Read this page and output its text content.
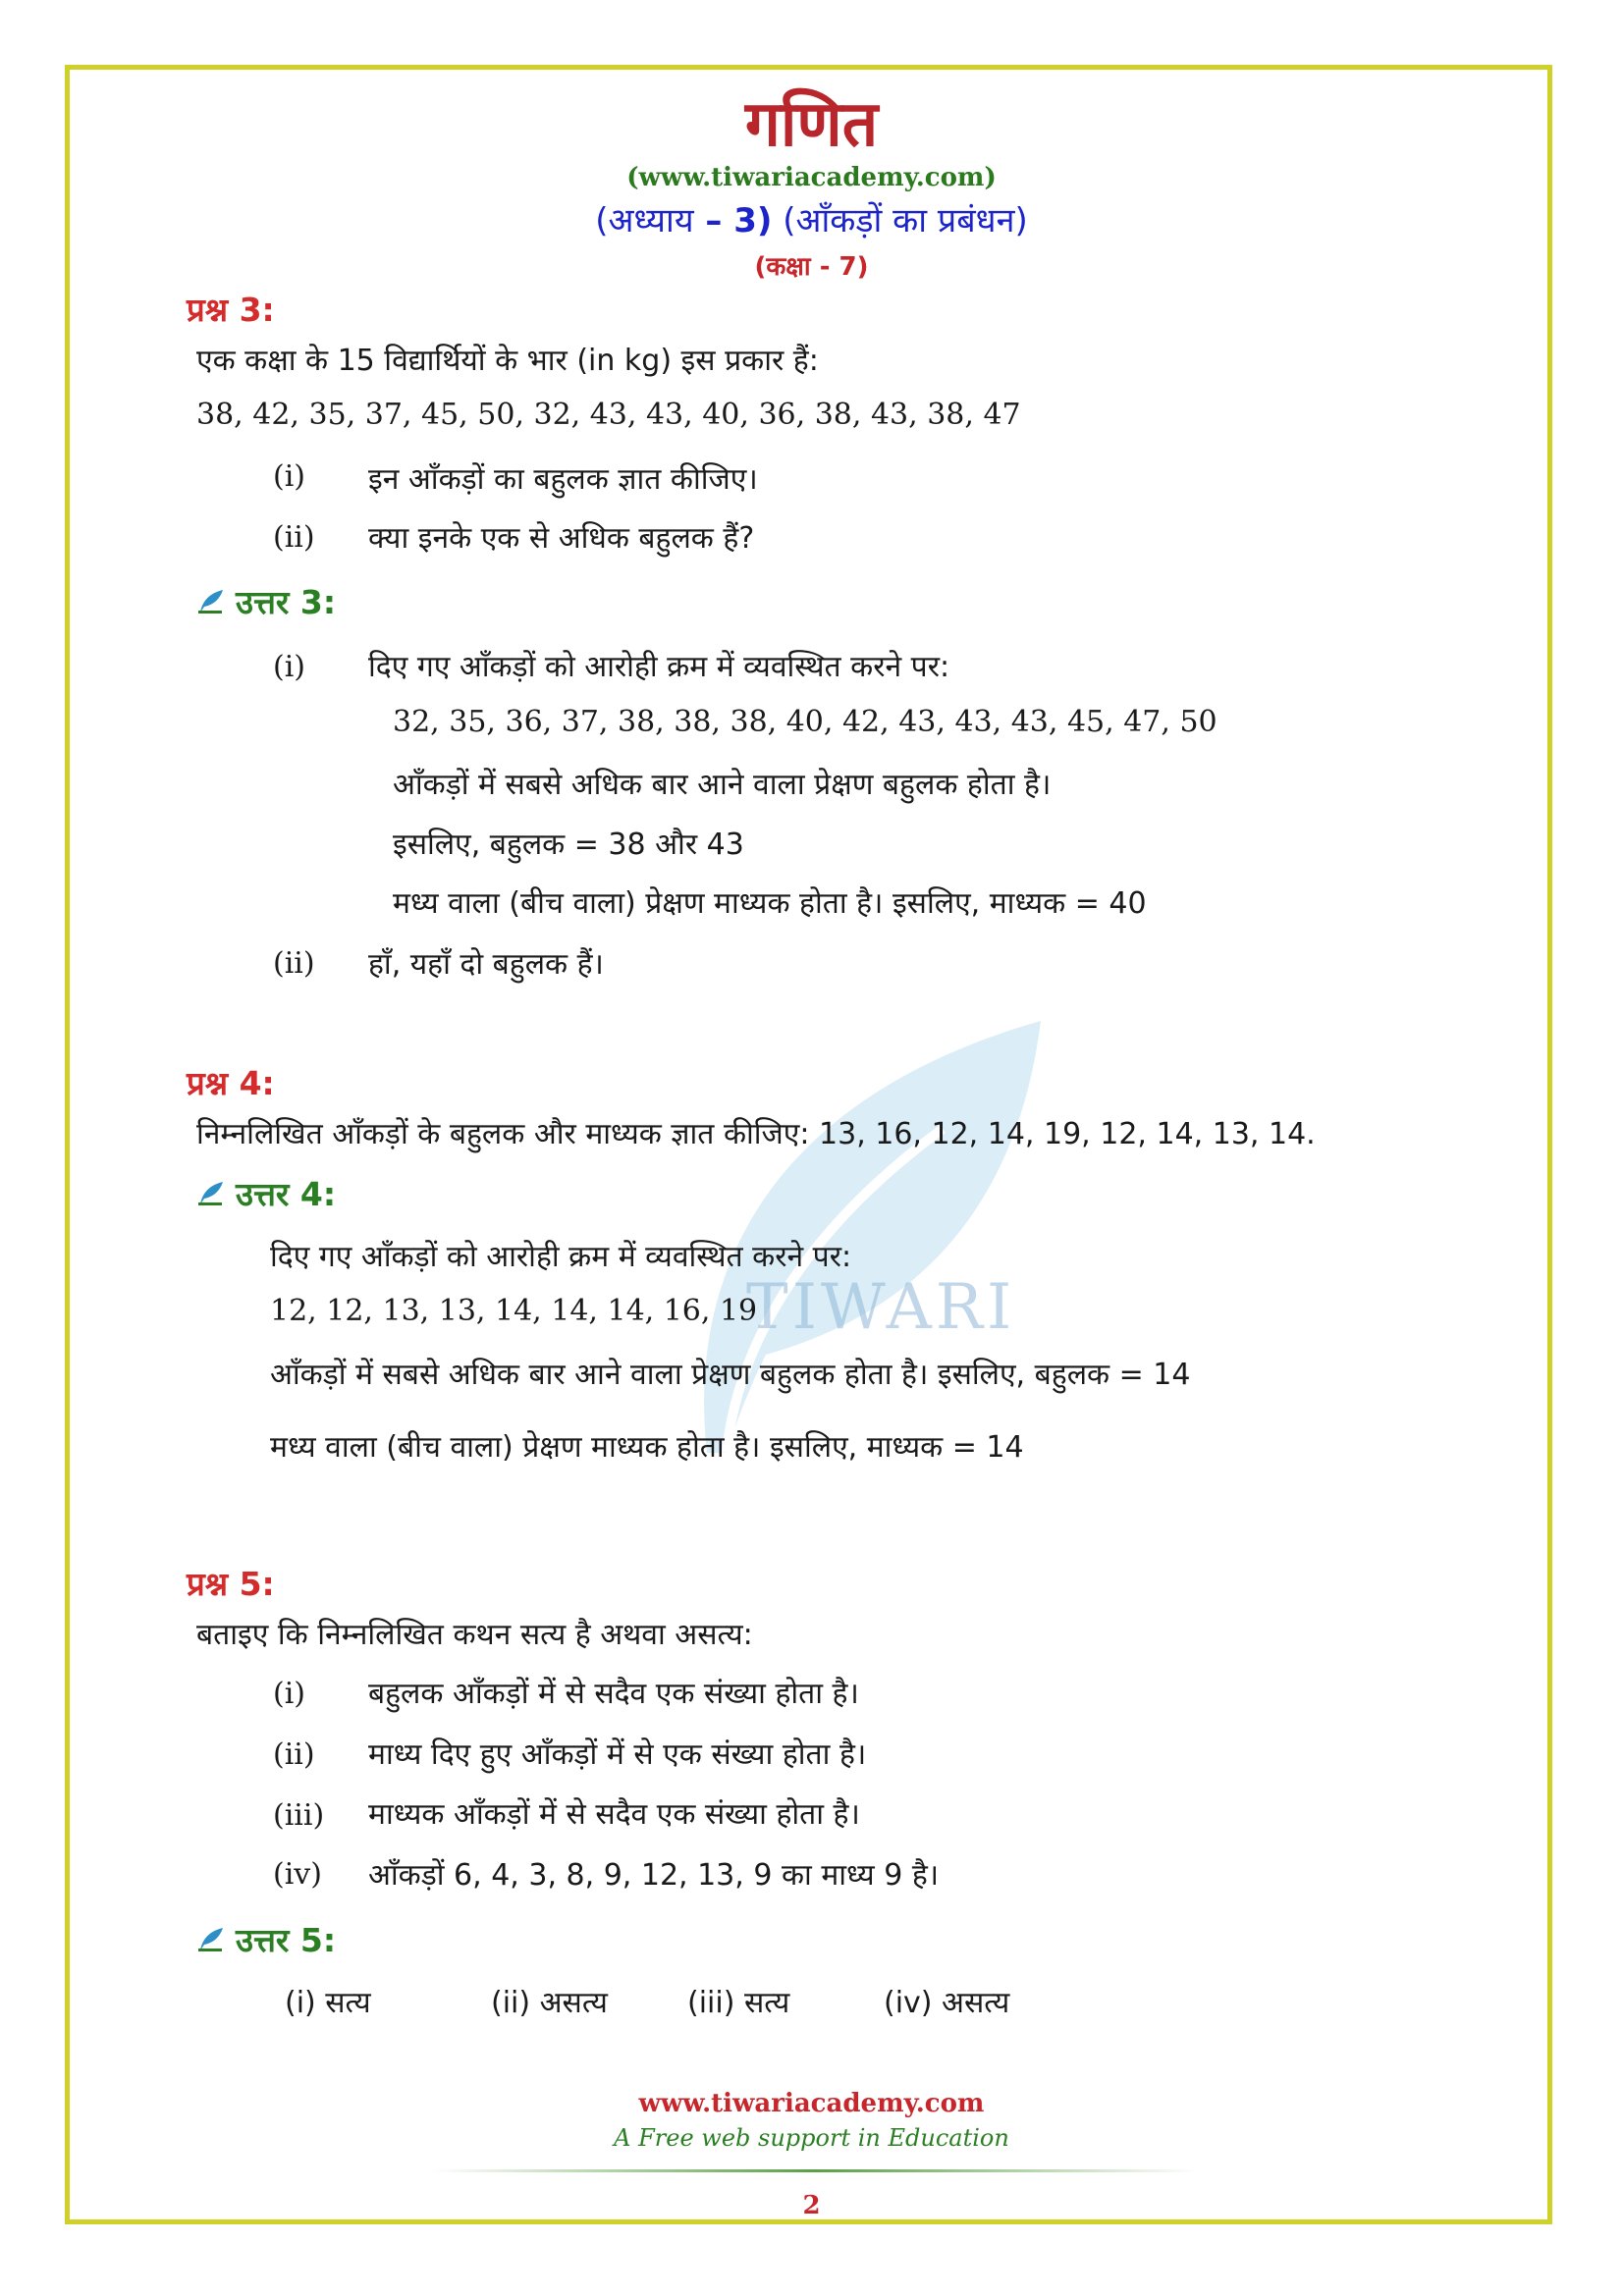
TIWARI
गणित
(www.tiwariacademy.com)
(अध्याय – 3) (आँकड़ों का प्रबंधन)
(कक्षा - 7)
प्रश्न 3:
एक कक्षा के 15 विद्यार्थियों के भार (in kg) इस प्रकार हैं:
38, 42, 35, 37, 45, 50, 32, 43, 43, 40, 36, 38, 43, 38, 47
(i) इन आँकड़ों का बहुलक ज्ञात कीजिए।
(ii) क्या इनके एक से अधिक बहुलक हैं?
उत्तर 3:
(i) दिए गए आँकड़ों को आरोही क्रम में व्यवस्थित करने पर:
32, 35, 36, 37, 38, 38, 38, 40, 42, 43, 43, 43, 45, 47, 50
आँकड़ों में सबसे अधिक बार आने वाला प्रेक्षण बहुलक होता है।
इसलिए, बहुलक = 38 और 43
मध्य वाला (बीच वाला) प्रेक्षण माध्यक होता है। इसलिए, माध्यक = 40
(ii) हाँ, यहाँ दो बहुलक हैं।
प्रश्न 4:
निम्नलिखित आँकड़ों के बहुलक और माध्यक ज्ञात कीजिए: 13, 16, 12, 14, 19, 12, 14, 13, 14.
उत्तर 4:
दिए गए आँकड़ों को आरोही क्रम में व्यवस्थित करने पर:
12, 12, 13, 13, 14, 14, 14, 16, 19
आँकड़ों में सबसे अधिक बार आने वाला प्रेक्षण बहुलक होता है। इसलिए, बहुलक = 14
मध्य वाला (बीच वाला) प्रेक्षण माध्यक होता है। इसलिए, माध्यक = 14
प्रश्न 5:
बताइए कि निम्नलिखित कथन सत्य है अथवा असत्य:
(i) बहुलक आँकड़ों में से सदैव एक संख्या होता है।
(ii) माध्य दिए हुए आँकड़ों में से एक संख्या होता है।
(iii) माध्यक आँकड़ों में से सदैव एक संख्या होता है।
(iv) आँकड़ों 6, 4, 3, 8, 9, 12, 13, 9 का माध्य 9 है।
उत्तर 5:
(i) सत्य	(ii) असत्य	(iii) सत्य	(iv) असत्य
www.tiwariacademy.com
A Free web support in Education
2
